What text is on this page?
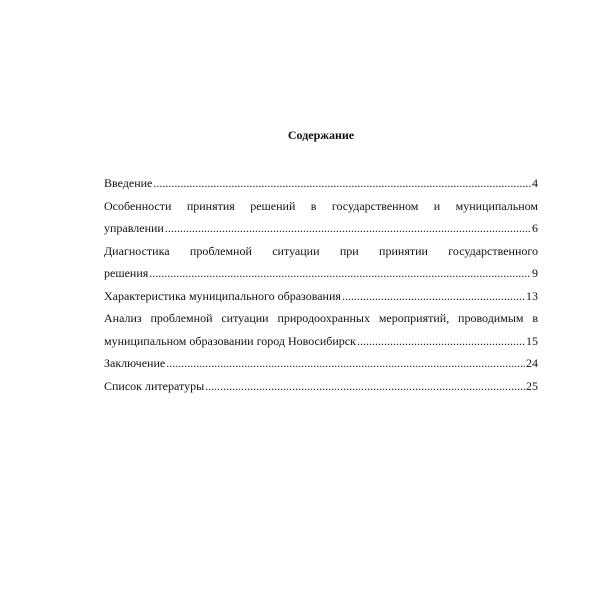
Содержание
Введение .....	4
Особенности принятия решений в государственном и муниципальном
управлении .....	6
Диагностика проблемной ситуации при принятии государственного
решения .....	9
Характеристика муниципального образования .....	13
Анализ проблемной ситуации природоохранных мероприятий, проводимым в
муниципальном образовании город Новосибирск .....	15
Заключение .....	24
Список литературы .....	25
